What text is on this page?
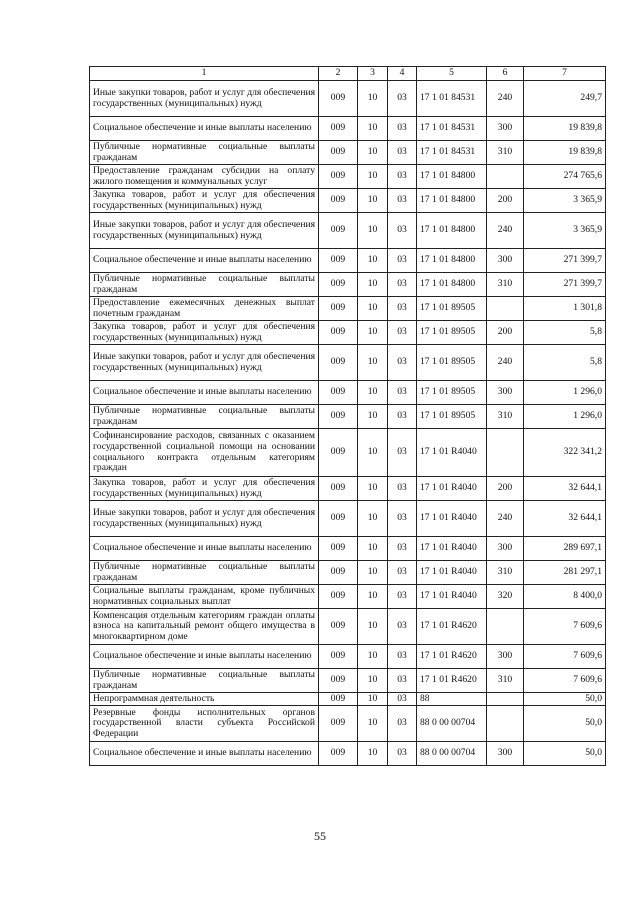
1	2	3	4	5	6	7
Иные закупки товаров, работ и услуг для обеспечения государственных (муниципальных) нужд	009	10	03	17 1 01 84531	240	249,7
Социальное обеспечение и иные выплаты населению	009	10	03	17 1 01 84531	300	19 839,8
Публичные нормативные социальные выплаты гражданам	009	10	03	17 1 01 84531	310	19 839,8
Предоставление гражданам субсидии на оплату жилого помещения и коммунальных услуг	009	10	03	17 1 01 84800		274 765,6
Закупка товаров, работ и услуг для обеспечения государственных (муниципальных) нужд	009	10	03	17 1 01 84800	200	3 365,9
Иные закупки товаров, работ и услуг для обеспечения государственных (муниципальных) нужд	009	10	03	17 1 01 84800	240	3 365,9
Социальное обеспечение и иные выплаты населению	009	10	03	17 1 01 84800	300	271 399,7
Публичные нормативные социальные выплаты гражданам	009	10	03	17 1 01 84800	310	271 399,7
Предоставление ежемесячных денежных выплат почетным гражданам	009	10	03	17 1 01 89505		1 301,8
Закупка товаров, работ и услуг для обеспечения государственных (муниципальных) нужд	009	10	03	17 1 01 89505	200	5,8
Иные закупки товаров, работ и услуг для обеспечения государственных (муниципальных) нужд	009	10	03	17 1 01 89505	240	5,8
Социальное обеспечение и иные выплаты населению	009	10	03	17 1 01 89505	300	1 296,0
Публичные нормативные социальные выплаты гражданам	009	10	03	17 1 01 89505	310	1 296,0
Софинансирование расходов, связанных с оказанием государственной социальной помощи на основании социального контракта отдельным категориям граждан	009	10	03	17 1 01 R4040		322 341,2
Закупка товаров, работ и услуг для обеспечения государственных (муниципальных) нужд	009	10	03	17 1 01 R4040	200	32 644,1
Иные закупки товаров, работ и услуг для обеспечения государственных (муниципальных) нужд	009	10	03	17 1 01 R4040	240	32 644,1
Социальное обеспечение и иные выплаты населению	009	10	03	17 1 01 R4040	300	289 697,1
Публичные нормативные социальные выплаты гражданам	009	10	03	17 1 01 R4040	310	281 297,1
Социальные выплаты гражданам, кроме публичных нормативных социальных выплат	009	10	03	17 1 01 R4040	320	8 400,0
Компенсация отдельным категориям граждан оплаты взноса на капитальный ремонт общего имущества в многоквартирном доме	009	10	03	17 1 01 R4620		7 609,6
Социальное обеспечение и иные выплаты населению	009	10	03	17 1 01 R4620	300	7 609,6
Публичные нормативные социальные выплаты гражданам	009	10	03	17 1 01 R4620	310	7 609,6
Непрограммная деятельность	009	10	03	88		50,0
Резервные фонды исполнительных органов государственной власти субъекта Российской Федерации	009	10	03	88 0 00 00704		50,0
Социальное обеспечение и иные выплаты населению	009	10	03	88 0 00 00704	300	50,0
55
